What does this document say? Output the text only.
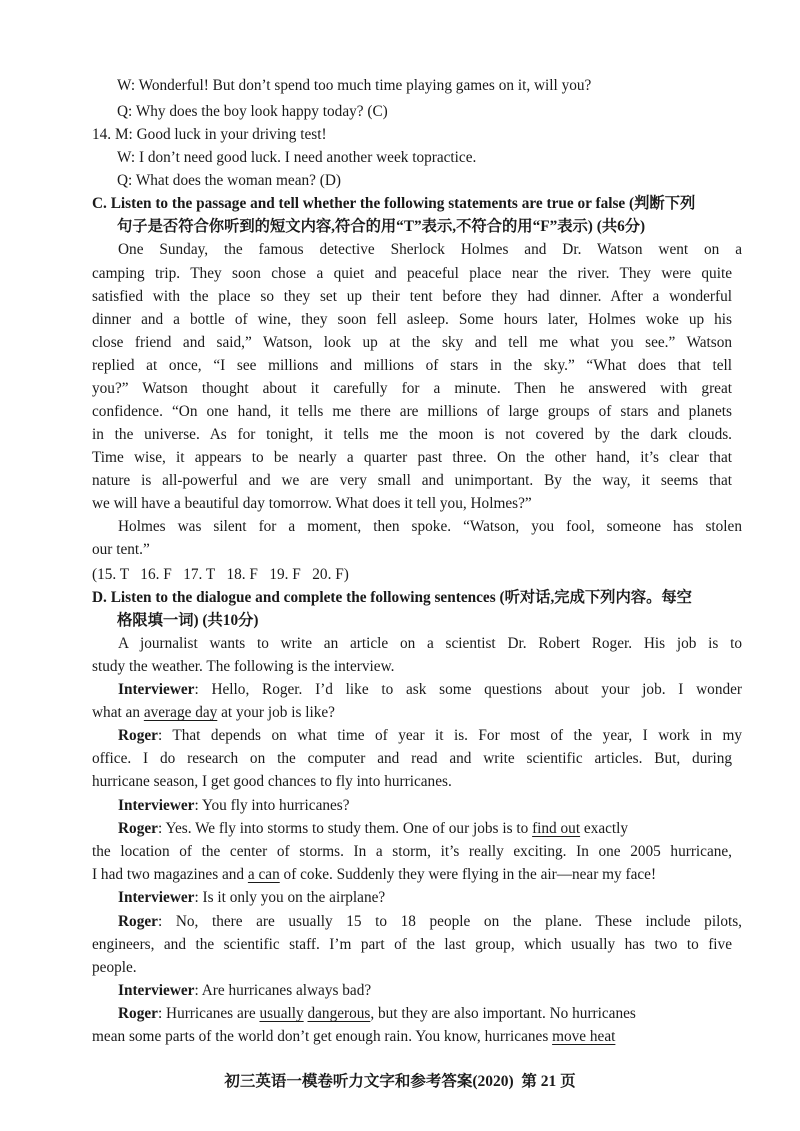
W: Wonderful! But don’t spend too much time playing games on it, will you?
Q: Why does the boy look happy today? (C)
14. M: Good luck in your driving test!
W: I don’t need good luck. I need another week topractice.
Q: What does the woman mean? (D)
C. Listen to the passage and tell whether the following statements are true or false (判断下列
句子是否符合你听到的短文内容,符合的用“T”表示,不符合的用“F”表示) (共6分)
One Sunday, the famous detective Sherlock Holmes and Dr. Watson went on a
camping trip. They soon chose a quiet and peaceful place near the river. They were quite
satisfied with the place so they set up their tent before they had dinner. After a wonderful
dinner and a bottle of wine, they soon fell asleep. Some hours later, Holmes woke up his
close friend and said,” Watson, look up at the sky and tell me what you see.” Watson
replied at once, “I see millions and millions of stars in the sky.” “What does that tell
you?” Watson thought about it carefully for a minute. Then he answered with great
confidence. “On one hand, it tells me there are millions of large groups of stars and planets
in the universe. As for tonight, it tells me the moon is not covered by the dark clouds.
Time wise, it appears to be nearly a quarter past three. On the other hand, it’s clear that
nature is all-powerful and we are very small and unimportant. By the way, it seems that
we will have a beautiful day tomorrow. What does it tell you, Holmes?”
Holmes was silent for a moment, then spoke. “Watson, you fool, someone has stolen
our tent.”
(15. T   16. F   17. T   18. F   19. F   20. F)
D. Listen to the dialogue and complete the following sentences (听对话,完成下列内容。每空
格限填一词) (共10分)
A journalist wants to write an article on a scientist Dr. Robert Roger. His job is to
study the weather. The following is the interview.
Interviewer: Hello, Roger. I’d like to ask some questions about your job. I wonder
what an average day at your job is like?
Roger: That depends on what time of year it is. For most of the year, I work in my
office. I do research on the computer and read and write scientific articles. But, during
hurricane season, I get good chances to fly into hurricanes.
Interviewer: You fly into hurricanes?
Roger: Yes. We fly into storms to study them. One of our jobs is to find out exactly
the location of the center of storms. In a storm, it’s really exciting. In one 2005 hurricane,
I had two magazines and a can of coke. Suddenly they were flying in the air—near my face!
Interviewer: Is it only you on the airplane?
Roger: No, there are usually 15 to 18 people on the plane. These include pilots,
engineers, and the scientific staff. I’m part of the last group, which usually has two to five
people.
Interviewer: Are hurricanes always bad?
Roger: Hurricanes are usually dangerous, but they are also important. No hurricanes
mean some parts of the world don’t get enough rain. You know, hurricanes move heat
初三英语一模卷听力文字和参考答案(2020)  第 21 页
